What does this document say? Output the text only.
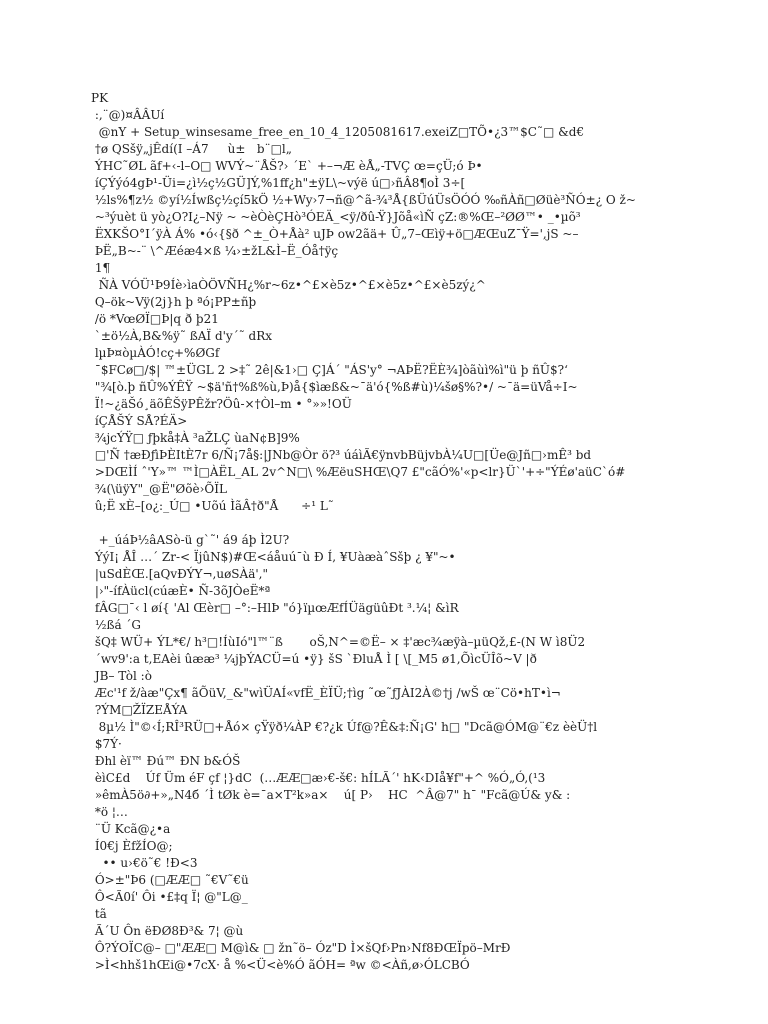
PK
:,¨@)¤ÂÂUí
@nY + Setup_winsesame_free_en_10_4_1205081617.exeiZ□TÕ•¿3™$C˜□ &d€
†ø QSšÿ„jÊdí(I –Á7     ù±   b¨□l„
ÝHC˜ØL ãf+‹-l–O□ WVÝ~¨ÅŠ?› ´E` +–¬Æ èÅ„-TVÇ œ=çÜ;ó Þ•
íÇÝýó4gÞ¹-Üi=¿ì½ç½GÜ]Ý,%1ff¿h"±ÿL\~výë ú□›ñÂ8¶oÌ 3÷[
½ls%¶z½ ©yí½Íwßç½çí5kÖ ½+Wy›7¬ñ@^ã-¾³Å{ßÜúÜsÖÓÓ ‰ñÀñ□Øüè³ÑÓ±¿ O ž~
~³ýuèt ü yò¿O?I¿–Nÿ ~ ~èÒèÇHò³ÓEÄ_<ÿ/ðû-Ÿ}Jõå«ìÑ çZ:®%Œ–²ØØ™• _•µõ³
ËXKŠO°I´ÿÀ Á% •ó‹{§ð ^±_Ò+Åà² uJÞ ow2ãä+ Û„7–Œìÿ+ö□ÆŒuZ¯Ÿ=',jS ~–
ÞË„B~-¨ \^Æéæ4×ß ¼›±žL&Ì–Ë_Óå†ÿç
1¶
ÑÀ VÓÜ¹Þ9Íè›ìaÒÖVÑH¿%r~6z•^£×è5z•^£×è5z•^£×è5zý¿^
Q–ök~Vÿ(2j}h þ ªó¡PP±ñþ
/ö *VœØÏ□Þ|q ð þ21
`±ö½À,B&%ÿ˜ ßAÏ d'y´˜ dRx
lµÞ¤òµÀÓ!cç+%ØGf
¯$FCø□/$| ™±ÜGL 2 >‡˜ 2ê|&1›□ Ç]Á´ "ÁS'y° ¬AÞË?ËÈ¾]òãùì%ì"ü þ ñÛ$?‘
"¾[ò.þ ñÛ%ÝÊŸ ~$ä'ñ†%ß%ù,Þ)å{$ìæß&~¯ä'ó{%ß#ù)¼šø§%?•/ ~¯ä=üVå÷I~
Ï!~¿äŠó¸äõÊŠÿPÊžr?Öû-×†Òl–m • °»»!OÜ
íÇÅŠÝ SÅ?ÉÄ>
¾jcÝŸ□ ƒþkå‡À ³aŽLÇ ùaN¢B]9%
□'Ñ †æÐƒìÞÈItÈ7r 6/Ñ¡7å§:|JNb@Òr ö?³ úáìÃ€ÿnvbBüjvbÀ¼U□[Üe@Jñ□›mÊ³ bd
>DŒÌÍ ˆ'Y»™ ™Ì□ÀËL_AL 2v^N□\ %ÆëuSHŒ\Q7 £"cãÓ%'«p<lr}Ü`'+÷"ÝÉø'aüC`ó#
¾(\üÿY"_@Ë"Øõè›ÕÏL
û;Ë xÈ–[o¿:_Ú□ •Uõú ÌãÂ†ð"Å      ÷¹ L˜

+_úáÞ½âASò-ü g`˜' á9 áþ Ì2U?
ÝýI¡ ÅÎ …´ Zr-< ÏjûN$)#Œ<áåuú¯ù Ð Í, ¥UàæàˆSšþ ¿ ¥"~•
|uSdÈŒ.[aQvÐÝY¬,uøSÀä',"
|›"-ífÀücl(cúæÈ• Ñ-3õJÒeË*ª
fÂG□¯‹ l øí{ 'Al Œèr□ –°:–HlÞ "ó}ïµœÆfÍÜägüûÐt ³.¼¦ &ìR
½ßá ´G
šQ‡ WÜ+ ÝL*€/ h³□!ÍùIó"l™¨ß       oŠ,N^=©Ë– × ‡'æc¾æÿà–µüQž,£-(N W ì8Ü2
´wv9':a t,EAèi ûææ³ ¼jþÝACÜ=ú •ÿ} šS `ÐluÅ Ì [ \[_M5 ø1,ÕìcÜÎõ~V |ð
JB– Tòl :ò
Æc'¹f ž/àæ"Çx¶ ãÕüV,_&"wìÜAÍ«vfË_ÈÏÜ;†ìg ˜œ˜ƒJÀI2À©†j /wŠ œ¨Cö•hT•ì¬
?ÝM□ŽÏZEÅÝA
8µ½ Ì"©‹Í;RÎ³RÜ□+Åó× çŸÿð¼ÀP €?¿k Úf@?Ê&‡:Ñ¡G' h□ "Dcã@ÓM@¨€z èèÜ†l
$7Ý·
Ðhl èï™ Ðú™ ÐN b&ÓŠ
èìC£d    Úf Üm éF çf ¦}dC  (…ÆÆ□æ›€-š€: hÍLÃ´' hK‹DIå¥f"+^ %Ó„Ó,(¹3
»êmÀ5ö∂+»„N4б ´Ì tØk è=¯a×T²k»a×    ú[ P›    HC  ^Â@7" h¯ "Fcã@Ú& y& :
*ö ¦…
¨Ü Kcã@¿•a
Í0€j ÈfžÍO@;
•• u›€ö˜€ !Ð<3
Ó>±"Þ6 (□ÆÆ□ ˜€V˜€ü
Ô<Ã0í' Ôi •£‡q Ï¦ @"L@_
tã
Ã´U Ôn ëÐØ8Ð³& 7¦ @ù
Ô?ÝOÏC@– □"ÆÆ□ M@ì& □ žn˜ö– Óz"D Ì×šQf›Pn›Nf8ÐŒÏpö–MrÐ
>Ì<hhš1hŒi@•7cX· å %<Ü<è%Ó ãÓH= ªw ©<Àñ,ø›ÓLCBÓ
